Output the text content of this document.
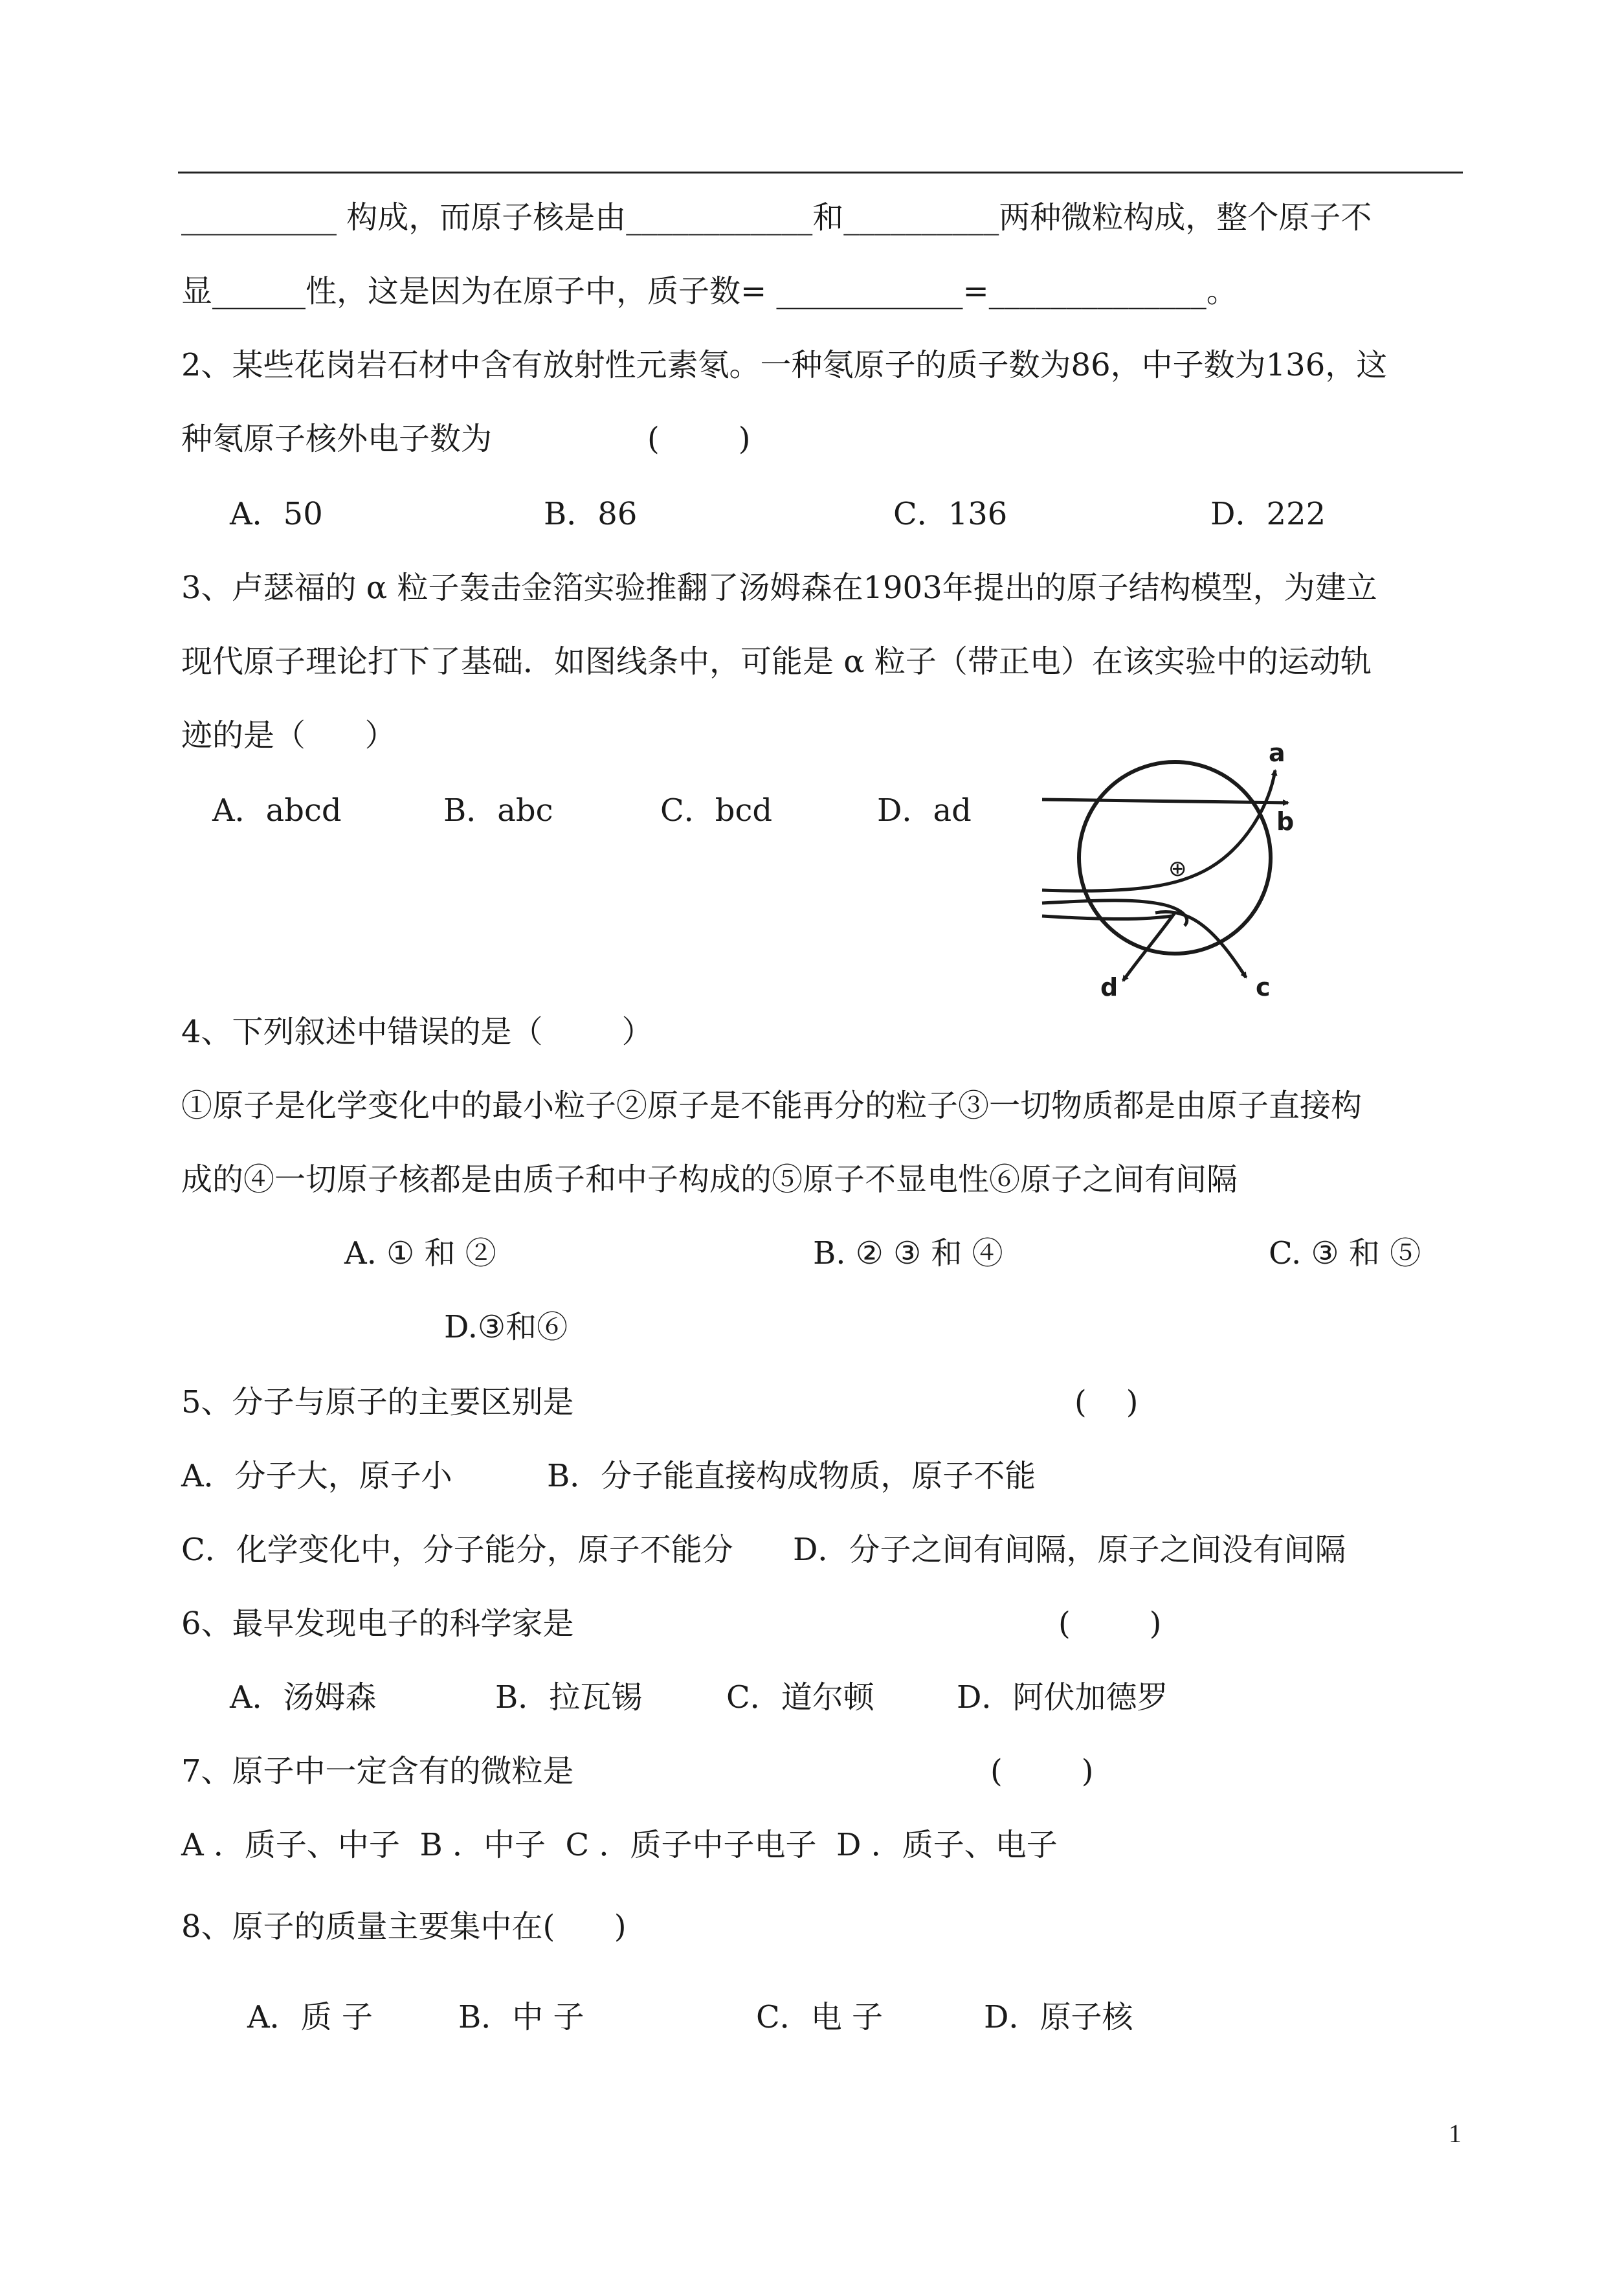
__________ 构成，而原子核是由____________和__________两种微粒构成，整个原子不
显______性，这是因为在原子中，质子数= ____________=______________。
2、某些花岗岩石材中含有放射性元素氡。一种氡原子的质子数为86，中子数为136，这
种氡原子核外电子数为	(        )
A．50	B．86	C．136	D．222
3、卢瑟福的 α 粒子轰击金箔实验推翻了汤姆森在1903年提出的原子结构模型，为建立
现代原子理论打下了基础．如图线条中，可能是 α 粒子（带正电）在该实验中的运动轨
迹的是（      ）
A．abcd	B．abc	C．bcd	D．ad
⊕
a
b
c
d
4、下列叙述中错误的是（        ）
①原子是化学变化中的最小粒子②原子是不能再分的粒子③一切物质都是由原子直接构
成的④一切原子核都是由质子和中子构成的⑤原子不显电性⑥原子之间有间隔
A. ① 和 ②	B. ② ③ 和 ④	C. ③ 和 ⑤
D.③和⑥
5、分子与原子的主要区别是	(    )
A．分子大，原子小	B．分子能直接构成物质，原子不能
C．化学变化中，分子能分，原子不能分 D．分子之间有间隔，原子之间没有间隔
6、最早发现电子的科学家是	(        )
A．汤姆森	B．拉瓦锡	C．道尔顿	D．阿伏加德罗
7、原子中一定含有的微粒是	(        )
A ．质子、中子  B ．中子  C ．质子中子电子  D ．质子、电子
8、原子的质量主要集中在(      )
A．质 子	B．中 子	C．电 子	D．原子核
1
